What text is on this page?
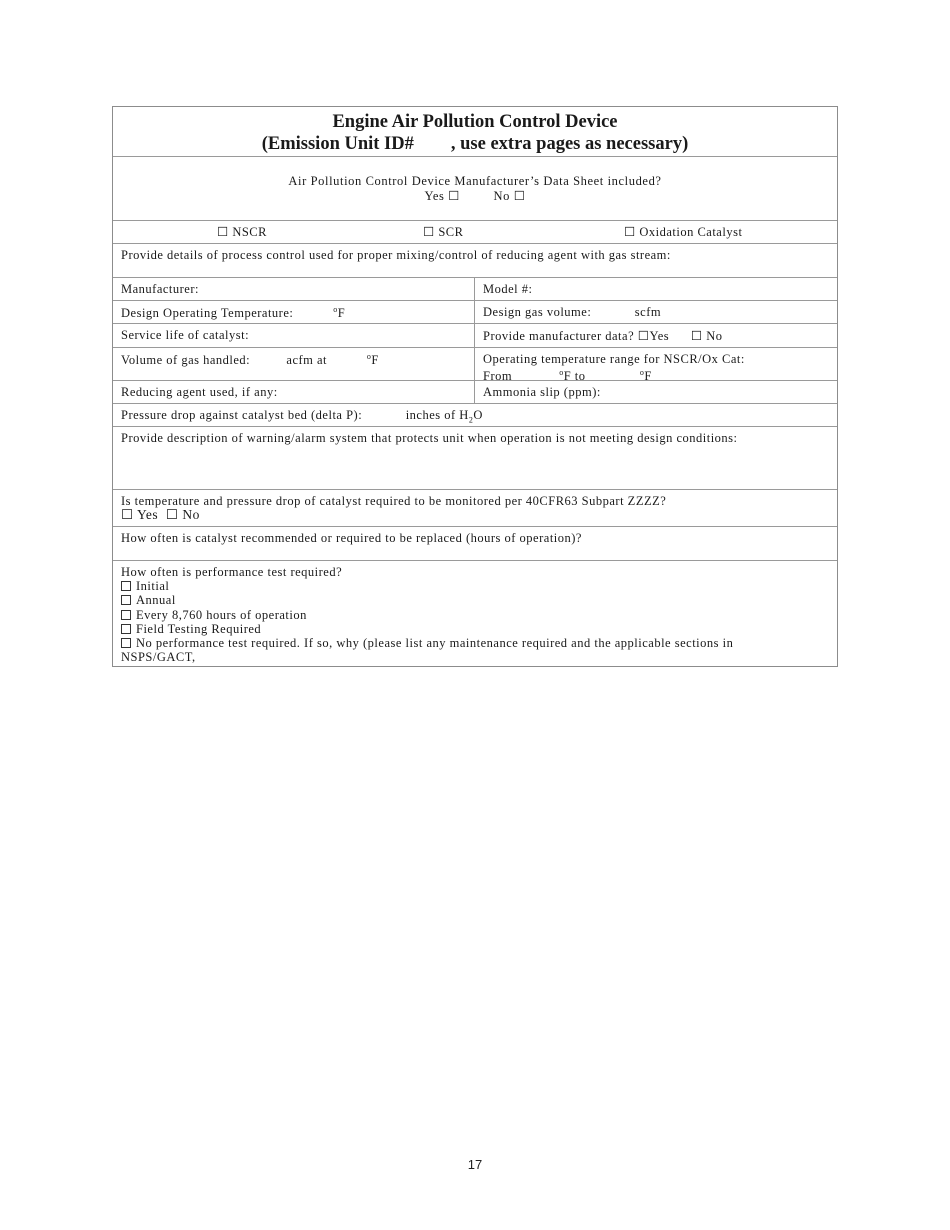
Engine Air Pollution Control Device
(Emission Unit ID#        , use extra pages as necessary)
Air Pollution Control Device Manufacturer’s Data Sheet included?
Yes ☐         No ☐
☐ NSCR	☐ SCR	☐ Oxidation Catalyst
Provide details of process control used for proper mixing/control of reducing agent with gas stream:
Manufacturer:	Model #:
Design Operating Temperature:	$^o$F	Design gas volume:	scfm
Service life of catalyst:	Provide manufacturer data? ☐Yes      ☐ No
Volume of gas handled:	acfm at	$^o$F	Operating temperature range for NSCR/Ox Cat:
From	$^o$F to	$^o$F
Reducing agent used, if any:	Ammonia slip (ppm):
Pressure drop against catalyst bed (delta P):	inches of $H_2O$
Provide description of warning/alarm system that protects unit when operation is not meeting design conditions:
Is temperature and pressure drop of catalyst required to be monitored per 40CFR63 Subpart ZZZZ?
☐ Yes  ☐ No
How often is catalyst recommended or required to be replaced (hours of operation)?
How often is performance test required?
Initial
Annual
Every 8,760 hours of operation
Field Testing Required
No performance test required. If so, why (please list any maintenance required and the applicable sections in
NSPS/GACT,
17
